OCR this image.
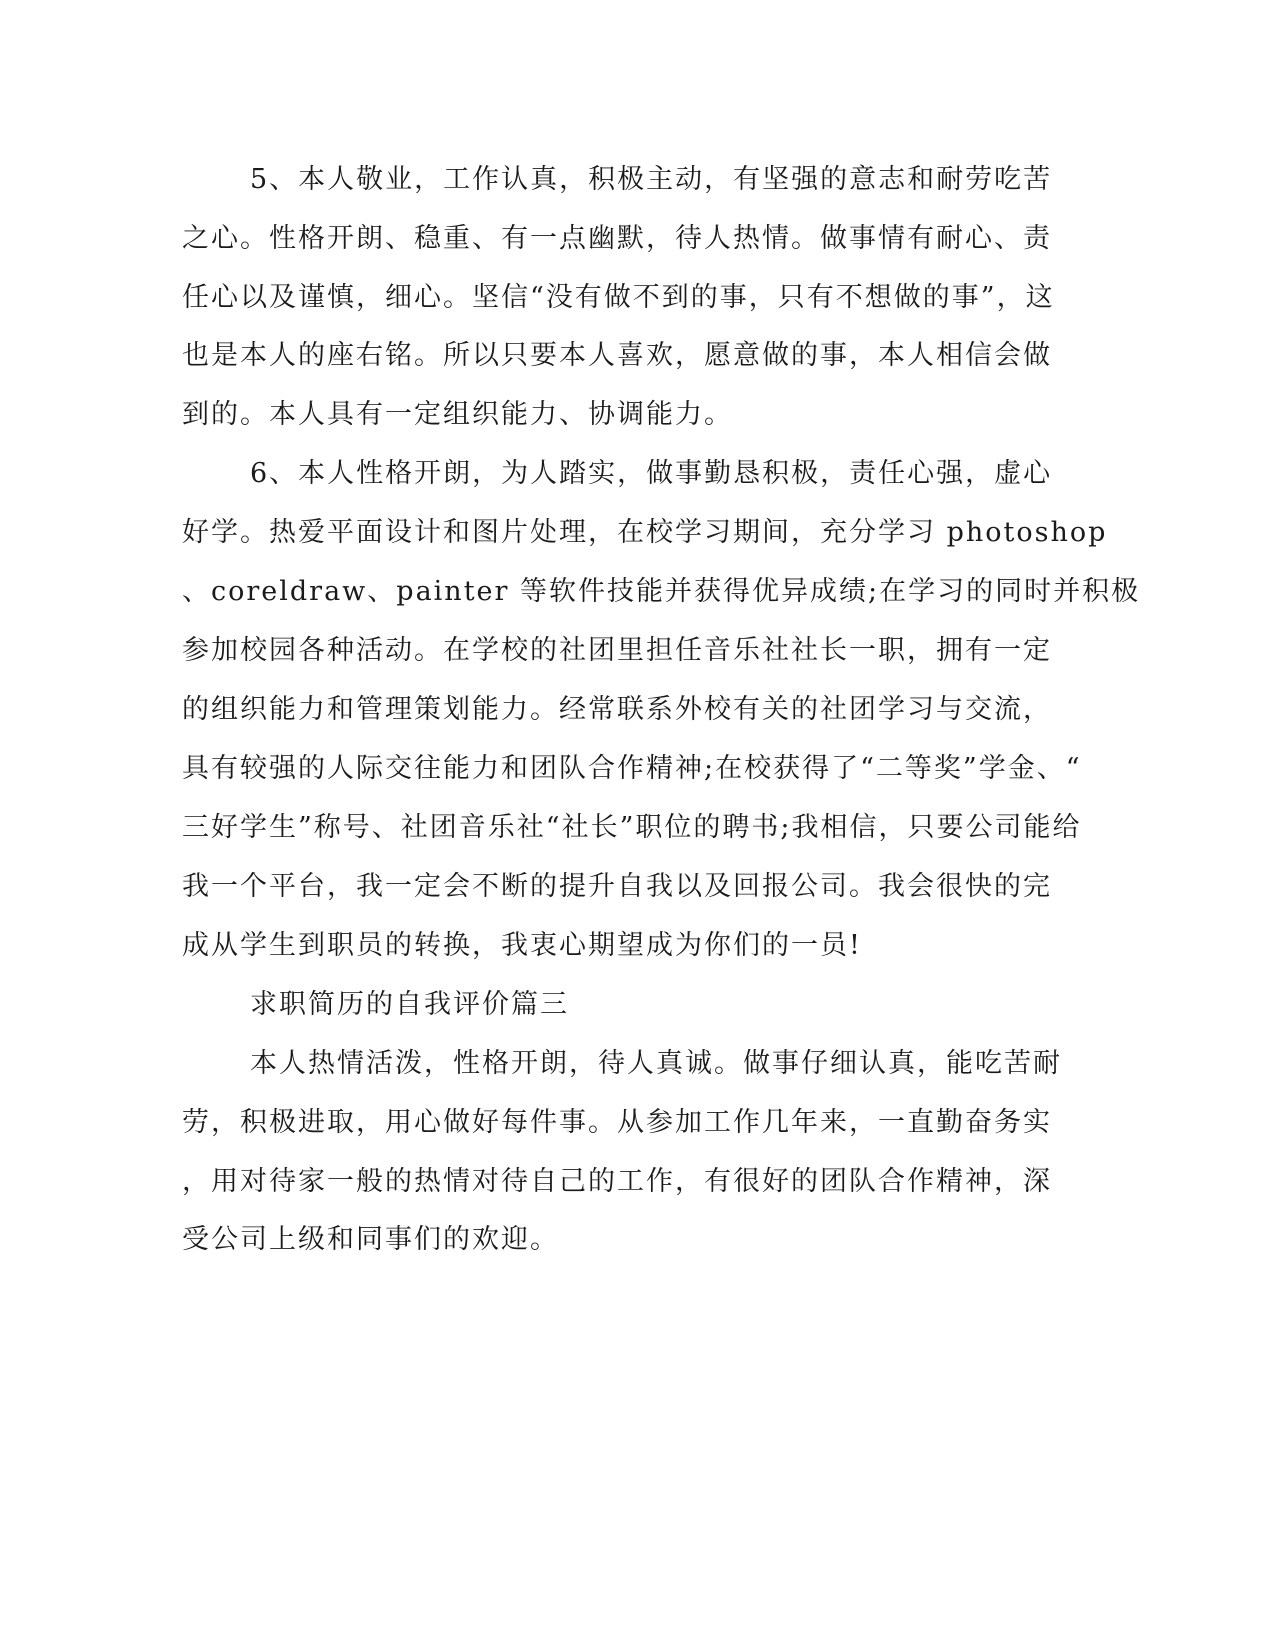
5、本人敬业，工作认真，积极主动，有坚强的意志和耐劳吃苦
之心。性格开朗、稳重、有一点幽默，待人热情。做事情有耐心、责
任心以及谨慎，细心。坚信“没有做不到的事，只有不想做的事”，这
也是本人的座右铭。所以只要本人喜欢，愿意做的事，本人相信会做
到的。本人具有一定组织能力、协调能力。
6、本人性格开朗，为人踏实，做事勤恳积极，责任心强，虚心
好学。热爱平面设计和图片处理，在校学习期间，充分学习 photoshop
、coreldraw、painter 等软件技能并获得优异成绩;在学习的同时并积极
参加校园各种活动。在学校的社团里担任音乐社社长一职，拥有一定
的组织能力和管理策划能力。经常联系外校有关的社团学习与交流，
具有较强的人际交往能力和团队合作精神;在校获得了“二等奖”学金、“
三好学生”称号、社团音乐社“社长”职位的聘书;我相信，只要公司能给
我一个平台，我一定会不断的提升自我以及回报公司。我会很快的完
成从学生到职员的转换，我衷心期望成为你们的一员!
求职简历的自我评价篇三
本人热情活泼，性格开朗，待人真诚。做事仔细认真，能吃苦耐
劳，积极进取，用心做好每件事。从参加工作几年来，一直勤奋务实
，用对待家一般的热情对待自己的工作，有很好的团队合作精神，深
受公司上级和同事们的欢迎。
